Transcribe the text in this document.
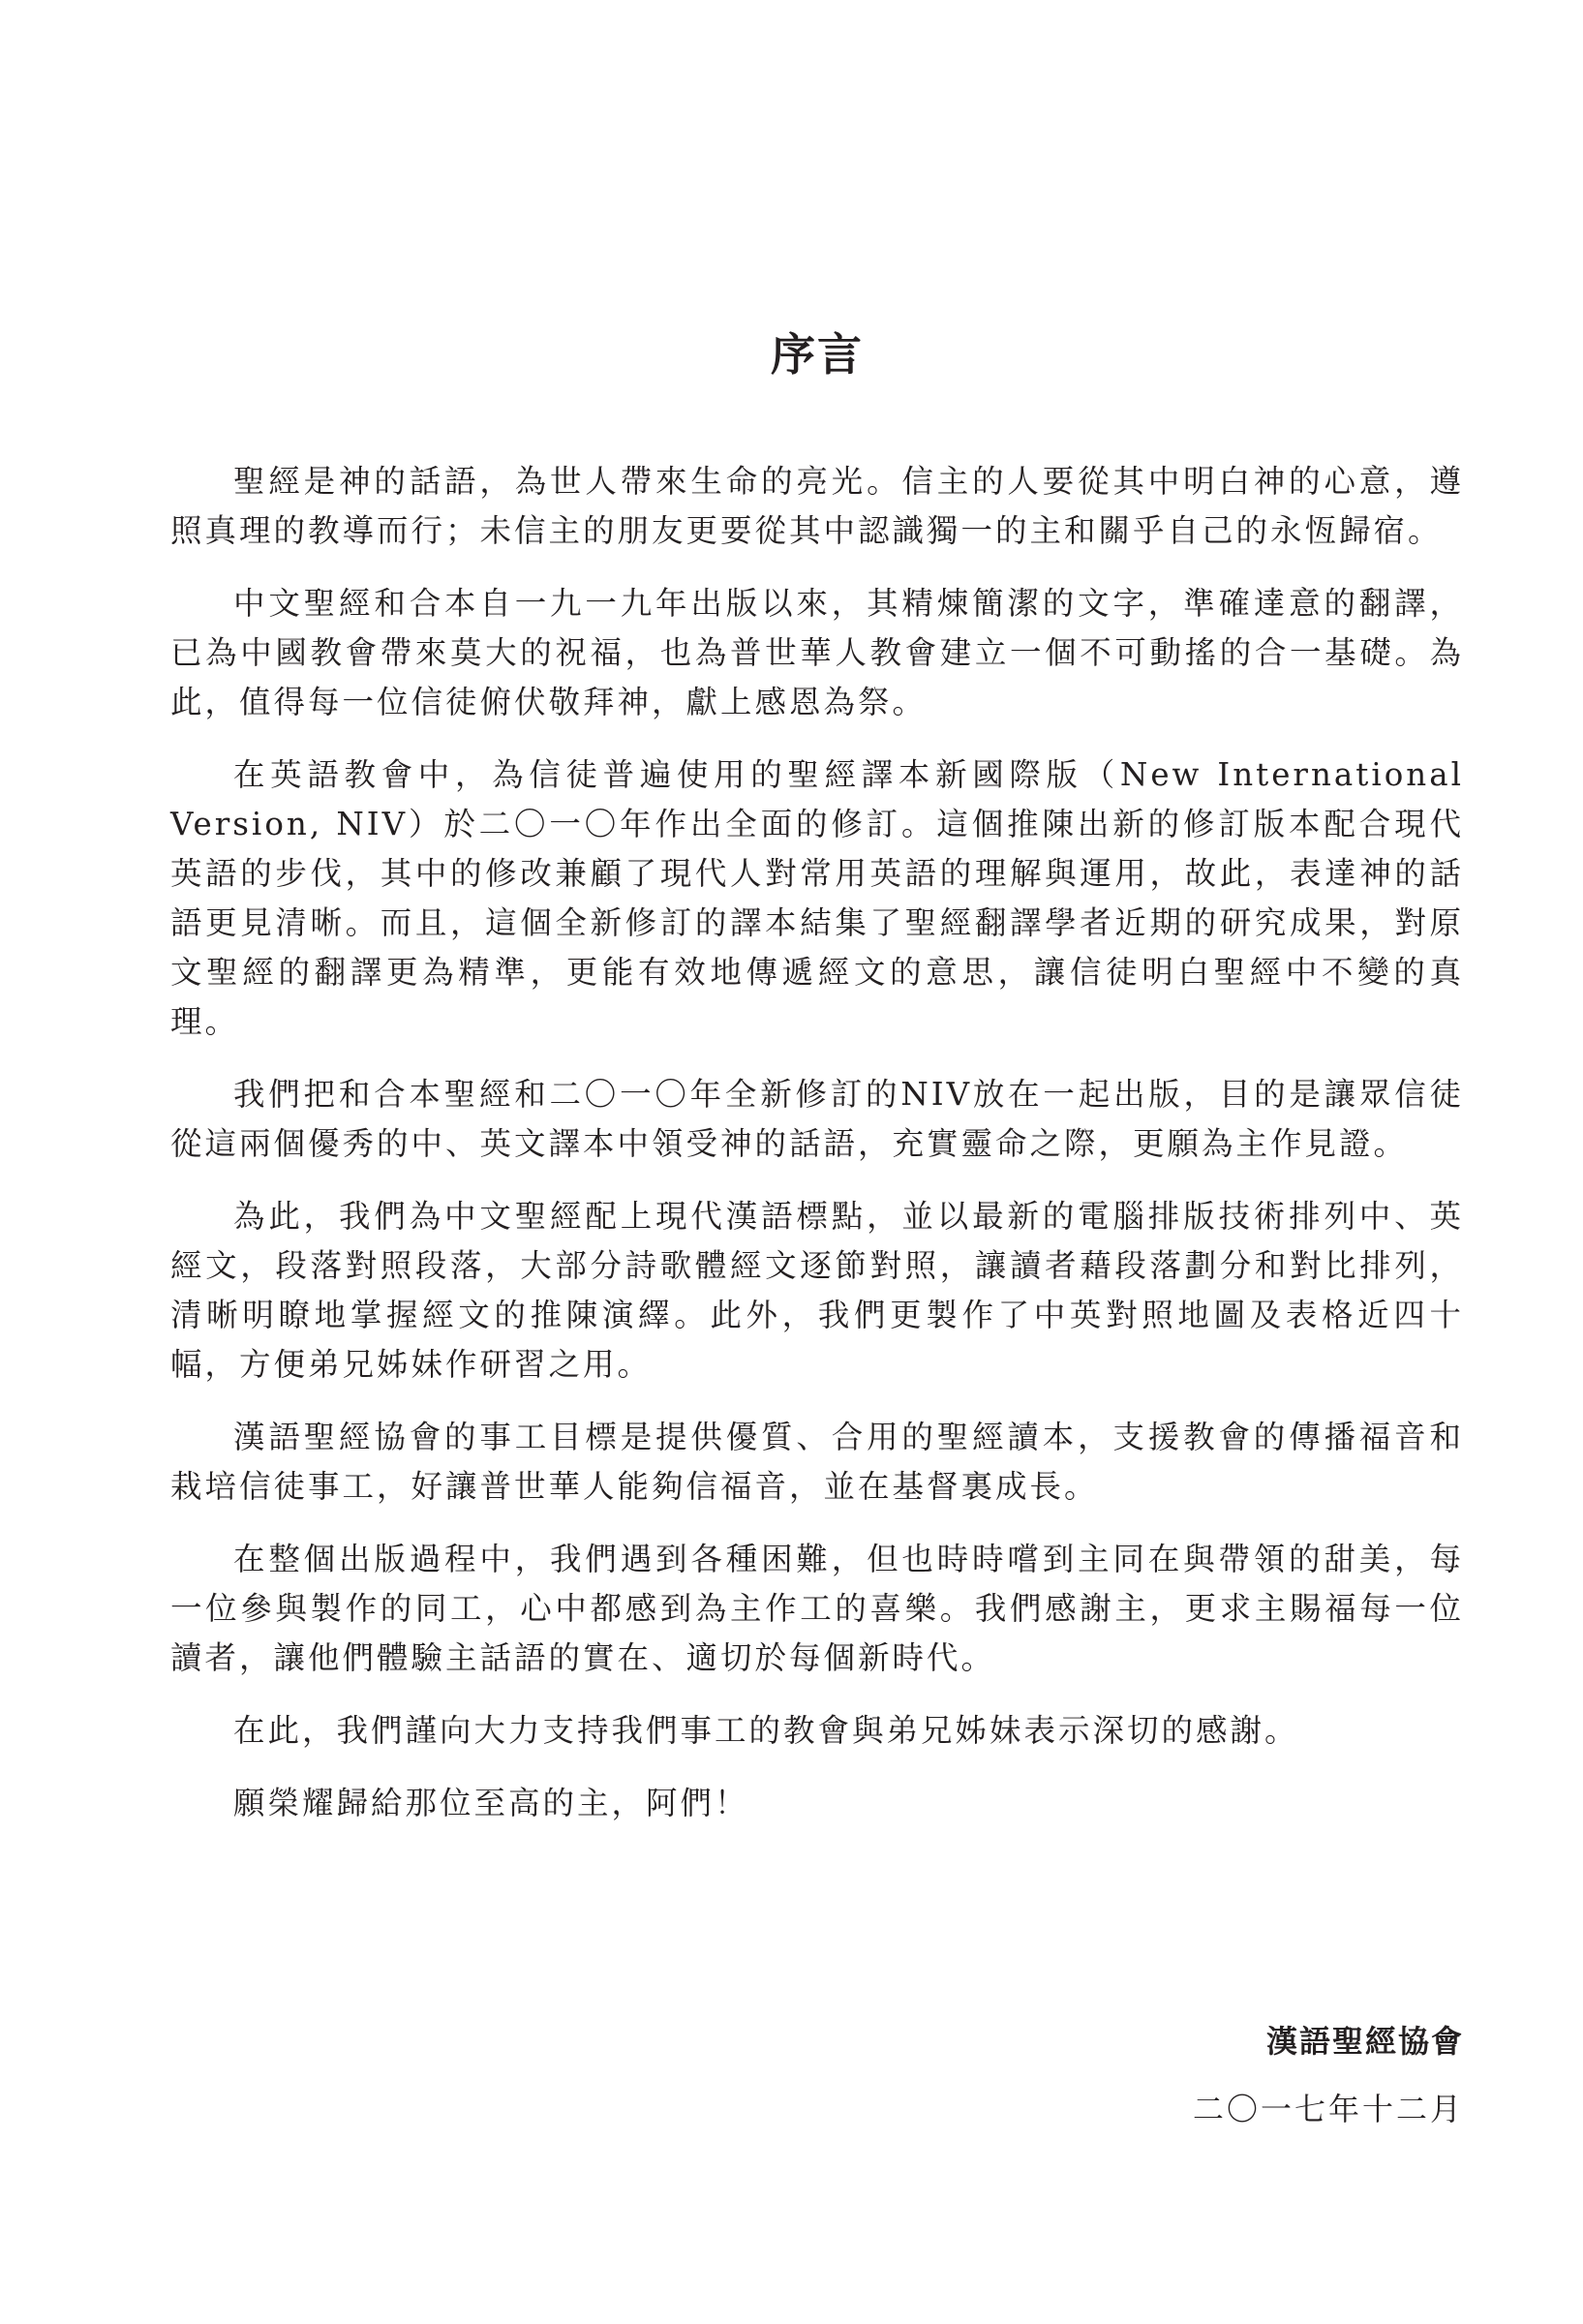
序言

聖經是神的話語，為世人帶來生命的亮光。信主的人要從其中明白神的心意，遵照真理的教導而行；未信主的朋友更要從其中認識獨一的主和關乎自己的永恆歸宿。

中文聖經和合本自一九一九年出版以來，其精煉簡潔的文字，準確達意的翻譯，已為中國教會帶來莫大的祝福，也為普世華人教會建立一個不可動搖的合一基礎。為此，值得每一位信徒俯伏敬拜神，獻上感恩為祭。

在英語教會中，為信徒普遍使用的聖經譯本新國際版（New International Version, NIV）於二〇一〇年作出全面的修訂。這個推陳出新的修訂版本配合現代英語的步伐，其中的修改兼顧了現代人對常用英語的理解與運用，故此，表達神的話語更見清晰。而且，這個全新修訂的譯本結集了聖經翻譯學者近期的研究成果，對原文聖經的翻譯更為精準，更能有效地傳遞經文的意思，讓信徒明白聖經中不變的真理。

我們把和合本聖經和二〇一〇年全新修訂的NIV放在一起出版，目的是讓眾信徒從這兩個優秀的中、英文譯本中領受神的話語，充實靈命之際，更願為主作見證。

為此，我們為中文聖經配上現代漢語標點，並以最新的電腦排版技術排列中、英經文，段落對照段落，大部分詩歌體經文逐節對照，讓讀者藉段落劃分和對比排列，清晰明瞭地掌握經文的推陳演繹。此外，我們更製作了中英對照地圖及表格近四十幅，方便弟兄姊妹作研習之用。

漢語聖經協會的事工目標是提供優質、合用的聖經讀本，支援教會的傳播福音和栽培信徒事工，好讓普世華人能夠信福音，並在基督裏成長。

在整個出版過程中，我們遇到各種困難，但也時時嚐到主同在與帶領的甜美，每一位參與製作的同工，心中都感到為主作工的喜樂。我們感謝主，更求主賜福每一位讀者，讓他們體驗主話語的實在、適切於每個新時代。

在此，我們謹向大力支持我們事工的教會與弟兄姊妹表示深切的感謝。

願榮耀歸給那位至高的主，阿們！

漢語聖經協會
二〇一七年十二月
